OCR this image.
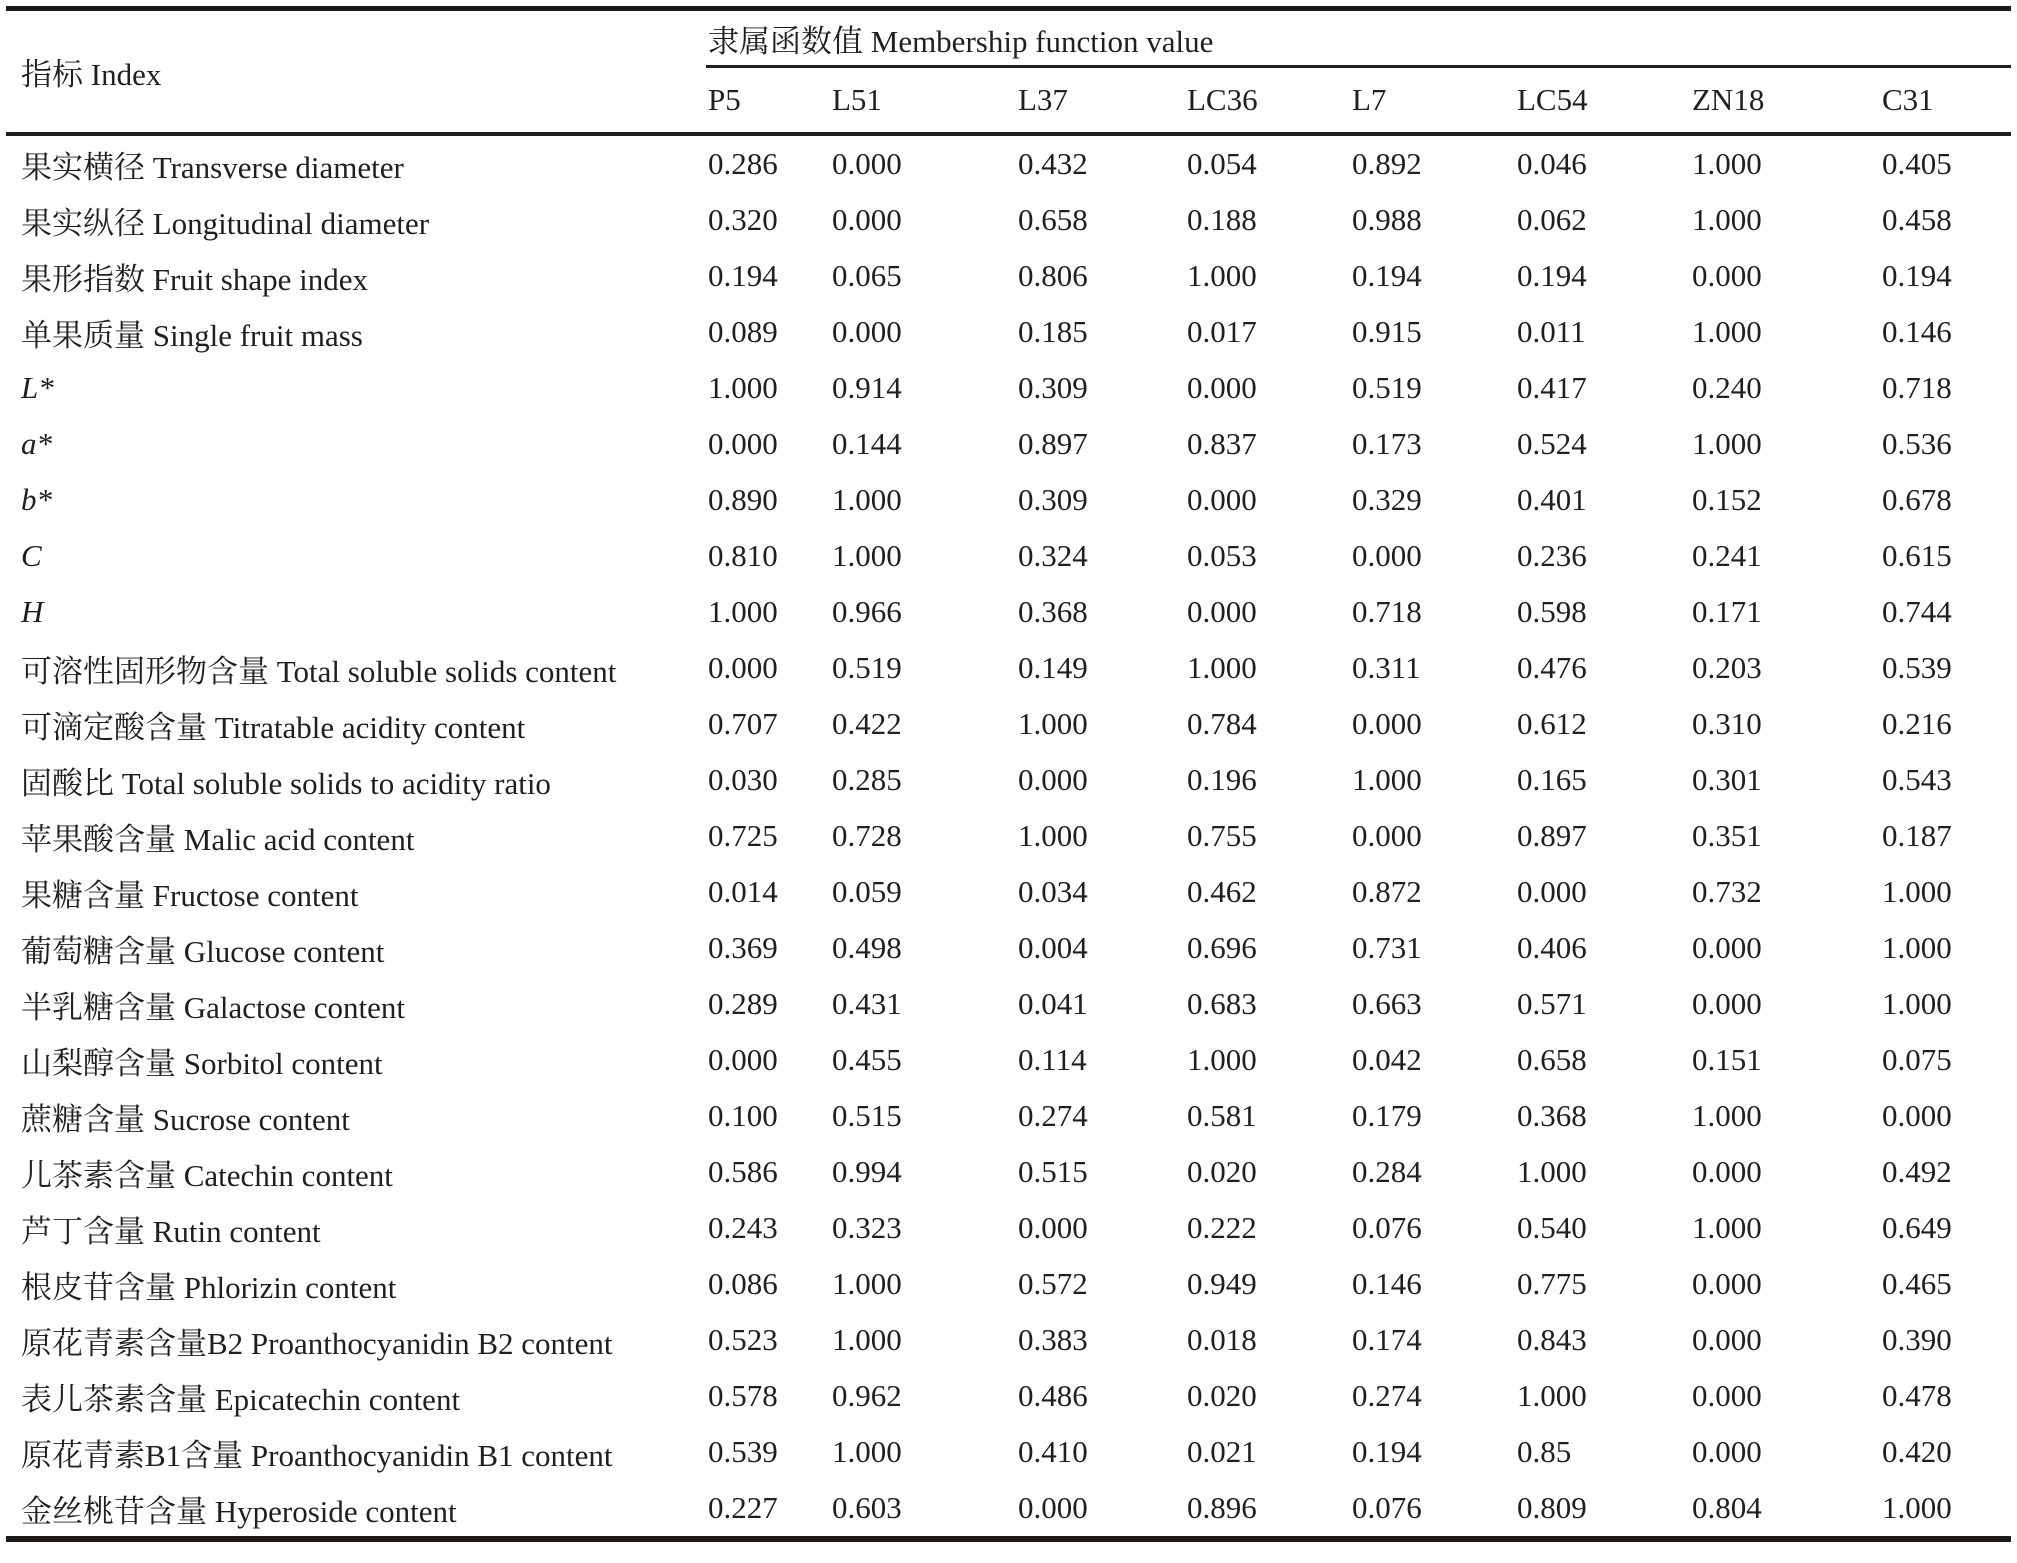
指标 Index	隶属函数值 Membership function value							
	P5	L51	L37	LC36	L7	LC54	ZN18	C31
果实横径 Transverse diameter	0.286	0.000	0.432	0.054	0.892	0.046	1.000	0.405
果实纵径 Longitudinal diameter	0.320	0.000	0.658	0.188	0.988	0.062	1.000	0.458
果形指数 Fruit shape index	0.194	0.065	0.806	1.000	0.194	0.194	0.000	0.194
单果质量 Single fruit mass	0.089	0.000	0.185	0.017	0.915	0.011	1.000	0.146
L*	1.000	0.914	0.309	0.000	0.519	0.417	0.240	0.718
a*	0.000	0.144	0.897	0.837	0.173	0.524	1.000	0.536
b*	0.890	1.000	0.309	0.000	0.329	0.401	0.152	0.678
C	0.810	1.000	0.324	0.053	0.000	0.236	0.241	0.615
H	1.000	0.966	0.368	0.000	0.718	0.598	0.171	0.744
可溶性固形物含量 Total soluble solids content	0.000	0.519	0.149	1.000	0.311	0.476	0.203	0.539
可滴定酸含量 Titratable acidity content	0.707	0.422	1.000	0.784	0.000	0.612	0.310	0.216
固酸比 Total soluble solids to acidity ratio	0.030	0.285	0.000	0.196	1.000	0.165	0.301	0.543
苹果酸含量 Malic acid content	0.725	0.728	1.000	0.755	0.000	0.897	0.351	0.187
果糖含量 Fructose content	0.014	0.059	0.034	0.462	0.872	0.000	0.732	1.000
葡萄糖含量 Glucose content	0.369	0.498	0.004	0.696	0.731	0.406	0.000	1.000
半乳糖含量 Galactose content	0.289	0.431	0.041	0.683	0.663	0.571	0.000	1.000
山梨醇含量 Sorbitol content	0.000	0.455	0.114	1.000	0.042	0.658	0.151	0.075
蔗糖含量 Sucrose content	0.100	0.515	0.274	0.581	0.179	0.368	1.000	0.000
儿茶素含量 Catechin content	0.586	0.994	0.515	0.020	0.284	1.000	0.000	0.492
芦丁含量 Rutin content	0.243	0.323	0.000	0.222	0.076	0.540	1.000	0.649
根皮苷含量 Phlorizin content	0.086	1.000	0.572	0.949	0.146	0.775	0.000	0.465
原花青素含量B2 Proanthocyanidin B2 content	0.523	1.000	0.383	0.018	0.174	0.843	0.000	0.390
表儿茶素含量 Epicatechin content	0.578	0.962	0.486	0.020	0.274	1.000	0.000	0.478
原花青素B1含量 Proanthocyanidin B1 content	0.539	1.000	0.410	0.021	0.194	0.85	0.000	0.420
金丝桃苷含量 Hyperoside content	0.227	0.603	0.000	0.896	0.076	0.809	0.804	1.000
